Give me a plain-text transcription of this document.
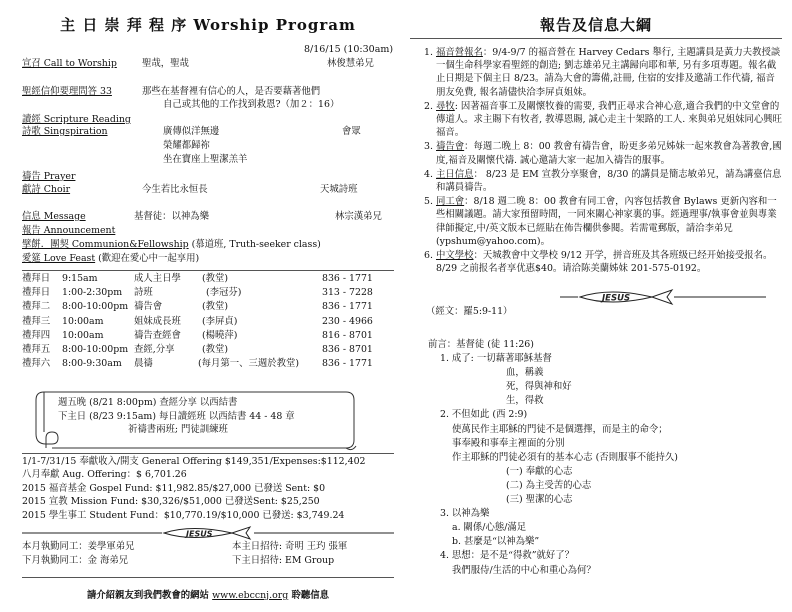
主 日 崇 拜 程 序 Worship Program
8/16/15 (10:30am)
宣召 Call to Worship	聖哉，聖哉	林俊慧弟兄
聖經信仰要理問答 33	那些在基督裡有信心的人，是否要藉著他們
自己或其他的工作找到救恩?（加２：16）
讀經 Scripture Reading
詩歌 Singspiration	會眾
廣傳似洋無邊
榮耀都歸祢
坐在寶座上聖潔羔羊
禱告 Prayer
獻詩 Choir	今生若比永恒長	天城詩班
信息 Message	基督徒：以神為樂	林宗漢弟兄
報告 Announcement
擘餅．團契 Communion&Fellowship (慕道班, Truth-seeker class)
愛筵 Love Feast (歡迎在愛心中一起享用)
禮拜日 9:15am	成人主日學 (教堂)	836 - 1771
禮拜日 1:00-2:30pm 詩班	(李冠芬)	313 - 7228
禮拜二 8:00-10:00pm 禱告會	(教堂)	836 - 1771
禮拜三 10:00am	姐妹成長班 (李屏貞)	230 - 4966
禮拜四 10:00am	禱告查經會 (楊曉萍)	816 - 8701
禮拜五 8:00-10:00pm 查經,分享	(教堂)	836 - 8701
禮拜六 8:00-9:30am 晨禱	(每月第一、三週於教堂) 836 - 1771
週五晚 (8/21 8:00pm) 查經分享 以西結書
下主日 (8/23 9:15am) 每日讀經班 以西結書 44 - 48 章
祈禱書兩班; 門徒訓練班
1/1-7/31/15 奉獻收入/開支 General Offering $149,351/Expenses:$112,402
八月奉獻 Aug. Offering：$ 6,701.26
2015 福音基金 Gospel Fund: $11,982.85/$27,000 已發送 Sent: $0
2015 宣教 Mission Fund: $30,326/$51,000 已發送Sent: $25,250
2015 學生事工 Student Fund：$10,770.19/$10,000 已發送: $3,749.24
JESUS
本月執勤同工：姜學軍弟兄	本主日招待: 奇明 王玓 張軍
下月執勤同工：金 海弟兄	下主日招待: EM Group
請介紹親友到我們教會的網站 www.ebccnj.org 聆聽信息
報告及信息大綱
1. 福音營報名：9/4-9/7 的福音營在 Harvey Cedars 舉行, 主題講員是黃力夫教授談一個生命科學家看聖經的創造; 劉志雄弟兄主講歸向耶和華, 另有多項專題。報名截止日期是下個主日 8/23。請為大會的籌備,註冊, 住宿的安排及邀請工作代禱, 福音朋友免費, 報名請儘快洽李屏貞姐妹。
2. 尋牧: 因著福音事工及關懷牧養的需要, 我們正尋求合神心意,適合我們的中文堂會的傳道人。求主賜下有牧者, 教導恩賜, 誠心走主十架路的工人. 來與弟兄姐妹同心興旺福音。
3. 禱告會：每週二晚上 8：00 教會有禱告會，盼更多弟兄姊妹一起來教會為著教會,國度,福音及關懷代禱. 誠心邀請大家一起加入禱告的服事。
4. 主日信息： 8/23 是 EM 宣教分享聚會，8/30 的講員是簡志敏弟兄，請為講臺信息和講員禱告。
5. 同工會：8/18 週二晚 8：00 教會有同工會，內容包括教會 Bylaws 更新內容和一些相關議題。請大家預留時間，一同來關心神家裏的事。經過理事/執事會並與專業律師擬定,中/英文版本已經貼在佈告欄供參閱。若需電郵版，請洽李弟兄(ypshum@yahoo.com)。
6. 中文學校：天城教會中文學校 9/12 开学，拼音班及其各班级已经开始接受报名。8/29 之前报名者享优惠$40。请洽陈美蘭姊妹 201-575-0192。
JESUS
（經文：羅5:9-11）
前言：基督徒 (徒 11:26)
1. 成了: 一切藉著耶穌基督
血，稱義
死，得與神和好
生，得救
2. 不但如此 (西 2:9)
使萬民作主耶穌的門徒不是個選擇，而是主的命令；
事奉殿和事奉主裡面的分別
作主耶穌的門徒必須有的基本心志 (否則服事不能持久)
(一) 奉獻的心志
(二) 為主受苦的心志
(三) 聖潔的心志
3. 以神為樂
a. 關係/心態/滿足
b. 甚麼是“以神為樂”
4. 思想：是不是“得救”就好了？
我們服侍/生活的中心和重心為何？
